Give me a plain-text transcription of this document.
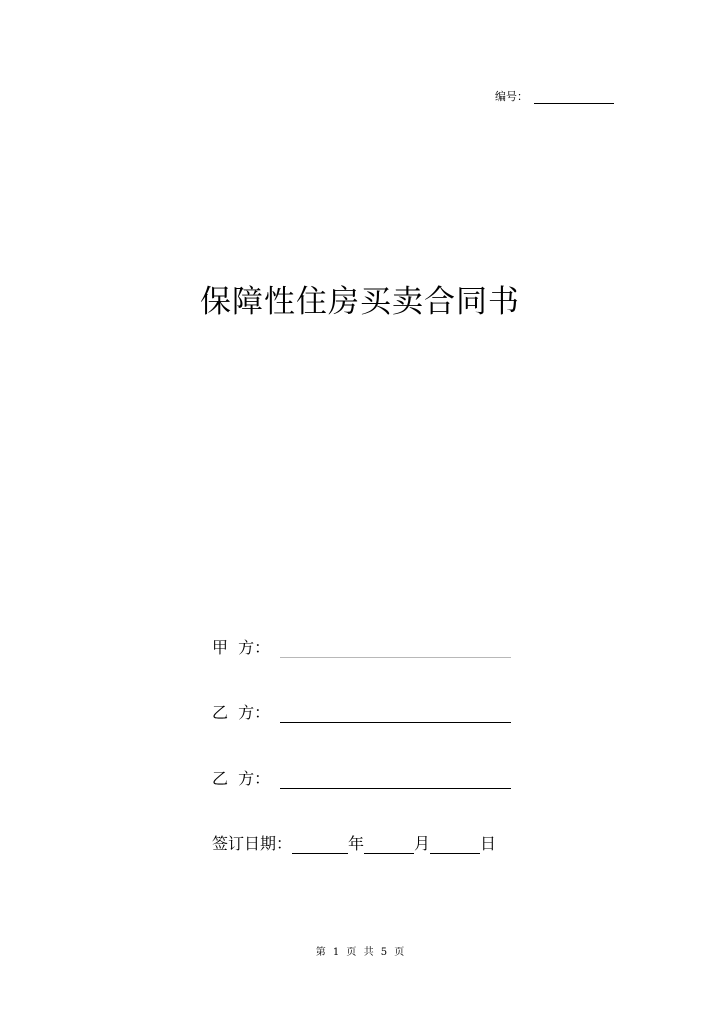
编号：
保障性住房买卖合同书
甲  方：
乙  方：
乙  方：
签订日期：	年	月	日
第 1 页 共 5 页
